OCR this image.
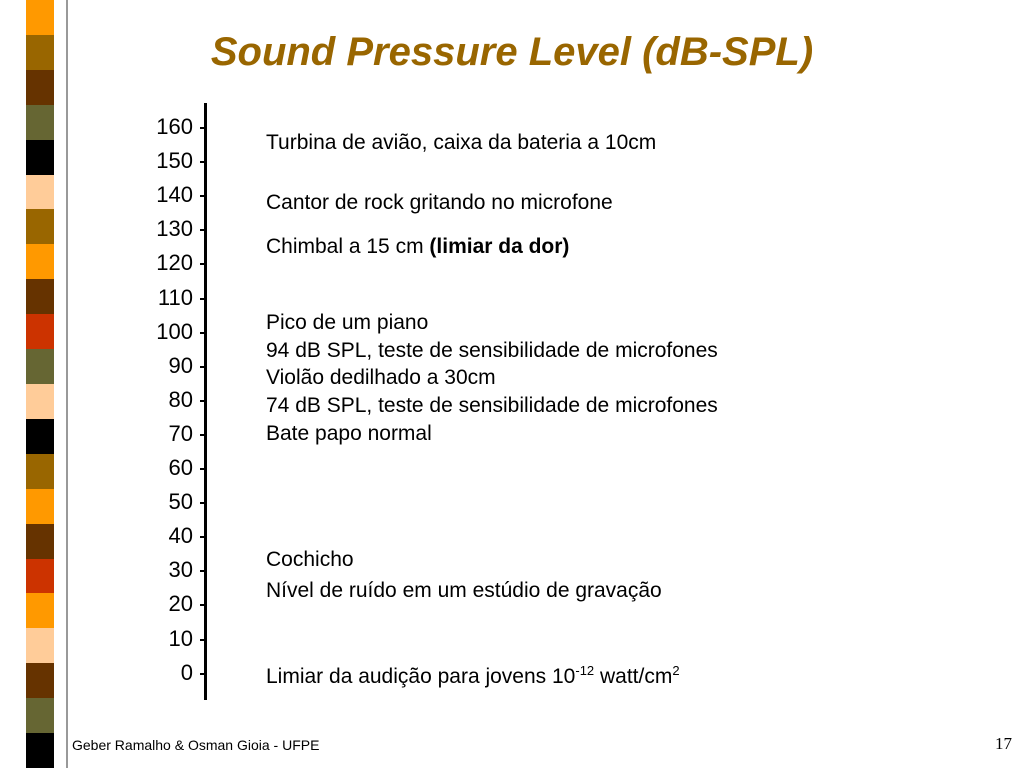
Sound Pressure Level (dB-SPL)
160
150
140
130
120
110
100
90
80
70
60
50
40
30
20
10
0
Turbina de avião, caixa da bateria a 10cm
Cantor de rock gritando no microfone
Chimbal a 15 cm (limiar da dor)
Pico de um piano
94 dB SPL, teste de sensibilidade de microfones
Violão dedilhado a 30cm
74 dB SPL, teste de sensibilidade de microfones
Bate papo normal
Cochicho
Nível de ruído em um estúdio de gravação
Limiar da audição para jovens $10^{-12}$ watt/$cm^2$
Geber Ramalho & Osman Gioia - UFPE	17
